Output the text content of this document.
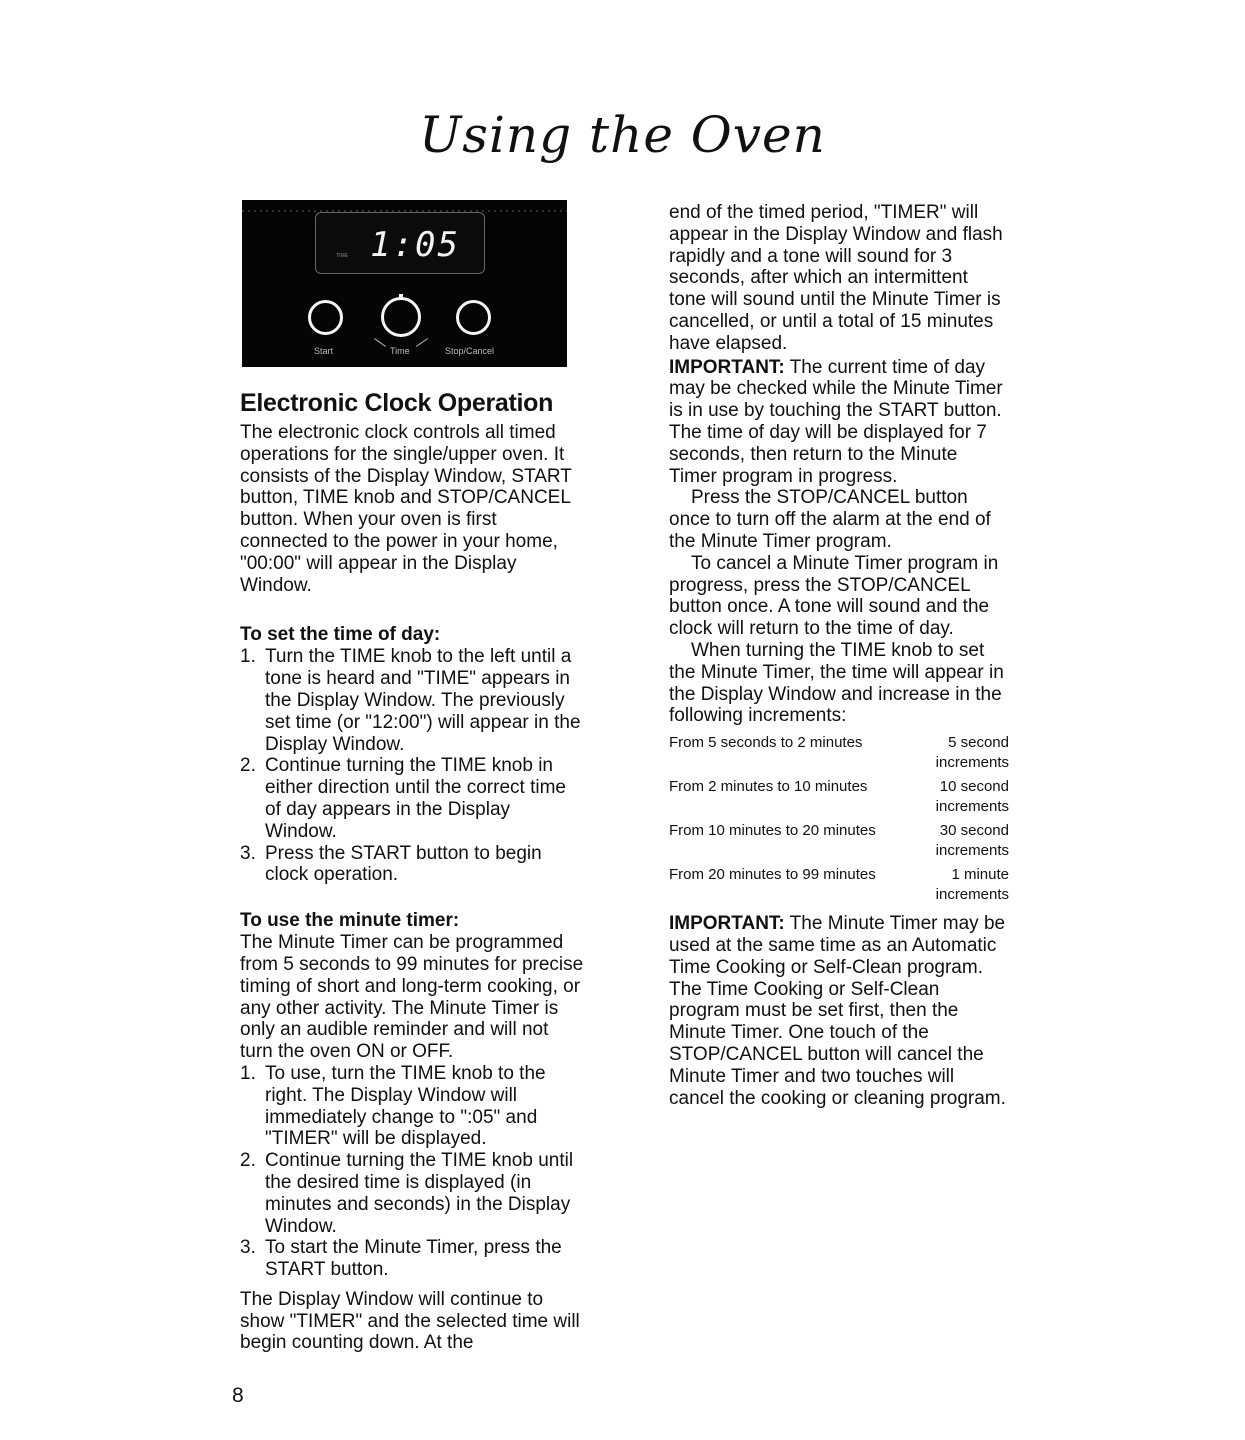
Using the Oven
TIME 1:05
Start	Time	Stop/Cancel
Electronic Clock Operation

The electronic clock controls all timed operations for the single/upper oven. It consists of the Display Window, START button, TIME knob and STOP/CANCEL button. When your oven is first connected to the power in your home, "00:00" will appear in the Display Window.

To set the time of day:
1. Turn the TIME knob to the left until a tone is heard and "TIME" appears in the Display Window. The previously set time (or "12:00") will appear in the Display Window.
2. Continue turning the TIME knob in either direction until the correct time of day appears in the Display Window.
3. Press the START button to begin clock operation.
To use the minute timer:

The Minute Timer can be programmed from 5 seconds to 99 minutes for precise timing of short and long-term cooking, or any other activity. The Minute Timer is only an audible reminder and will not turn the oven ON or OFF.

1. To use, turn the TIME knob to the right. The Display Window will immediately change to ":05" and "TIMER" will be displayed.
2. Continue turning the TIME knob until the desired time is displayed (in minutes and seconds) in the Display Window.
3. To start the Minute Timer, press the START button.

The Display Window will continue to show "TIMER" and the selected time will begin counting down. At the

end of the timed period, "TIMER" will appear in the Display Window and flash rapidly and a tone will sound for 3 seconds, after which an intermittent tone will sound until the Minute Timer is cancelled, or until a total of 15 minutes have elapsed.

IMPORTANT: The current time of day may be checked while the Minute Timer is in use by touching the START button. The time of day will be displayed for 7 seconds, then return to the Minute Timer program in progress.

Press the STOP/CANCEL button once to turn off the alarm at the end of the Minute Timer program.

To cancel a Minute Timer program in progress, press the STOP/CANCEL button once. A tone will sound and the clock will return to the time of day.

When turning the TIME knob to set the Minute Timer, the time will appear in the Display Window and increase in the following increments:

From 5 seconds to 2 minutes	5 second
increments
From 2 minutes to 10 minutes	10 second
increments
From 10 minutes to 20 minutes	30 second
increments
From 20 minutes to 99 minutes	1 minute
increments

IMPORTANT: The Minute Timer may be used at the same time as an Automatic Time Cooking or Self-Clean program. The Time Cooking or Self-Clean program must be set first, then the Minute Timer. One touch of the STOP/CANCEL button will cancel the Minute Timer and two touches will cancel the cooking or cleaning program.

8
